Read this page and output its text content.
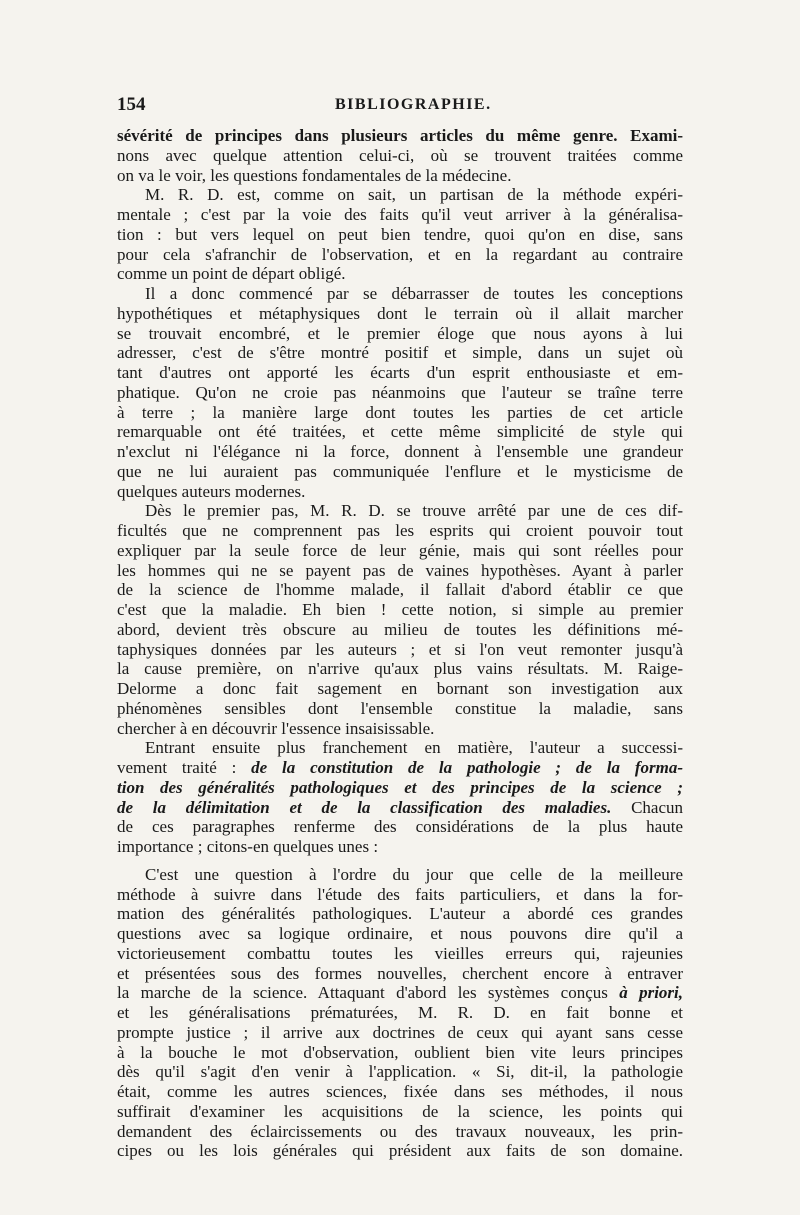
154	BIBLIOGRAPHIE.
sévérité de principes dans plusieurs articles du même genre. Exami-
nons avec quelque attention celui-ci, où se trouvent traitées comme
on va le voir, les questions fondamentales de la médecine.
M. R. D. est, comme on sait, un partisan de la méthode expéri-
mentale ; c'est par la voie des faits qu'il veut arriver à la généralisa-
tion : but vers lequel on peut bien tendre, quoi qu'on en dise, sans
pour cela s'afranchir de l'observation, et en la regardant au contraire
comme un point de départ obligé.
Il a donc commencé par se débarrasser de toutes les conceptions
hypothétiques et métaphysiques dont le terrain où il allait marcher
se trouvait encombré, et le premier éloge que nous ayons à lui
adresser, c'est de s'être montré positif et simple, dans un sujet où
tant d'autres ont apporté les écarts d'un esprit enthousiaste et em-
phatique. Qu'on ne croie pas néanmoins que l'auteur se traîne terre
à terre ; la manière large dont toutes les parties de cet article
remarquable ont été traitées, et cette même simplicité de style qui
n'exclut ni l'élégance ni la force, donnent à l'ensemble une grandeur
que ne lui auraient pas communiquée l'enflure et le mysticisme de
quelques auteurs modernes.
Dès le premier pas, M. R. D. se trouve arrêté par une de ces dif-
ficultés que ne comprennent pas les esprits qui croient pouvoir tout
expliquer par la seule force de leur génie, mais qui sont réelles pour
les hommes qui ne se payent pas de vaines hypothèses. Ayant à parler
de la science de l'homme malade, il fallait d'abord établir ce que
c'est que la maladie. Eh bien ! cette notion, si simple au premier
abord, devient très obscure au milieu de toutes les définitions mé-
taphysiques données par les auteurs ; et si l'on veut remonter jusqu'à
la cause première, on n'arrive qu'aux plus vains résultats. M. Raige-
Delorme a donc fait sagement en bornant son investigation aux
phénomènes sensibles dont l'ensemble constitue la maladie, sans
chercher à en découvrir l'essence insaisissable.
Entrant ensuite plus franchement en matière, l'auteur a successi-
vement traité : de la constitution de la pathologie ; de la forma-
tion des généralités pathologiques et des principes de la science ;
de la délimitation et de la classification des maladies. Chacun
de ces paragraphes renferme des considérations de la plus haute
importance ; citons-en quelques unes :
C'est une question à l'ordre du jour que celle de la meilleure
méthode à suivre dans l'étude des faits particuliers, et dans la for-
mation des généralités pathologiques. L'auteur a abordé ces grandes
questions avec sa logique ordinaire, et nous pouvons dire qu'il a
victorieusement combattu toutes les vieilles erreurs qui, rajeunies
et présentées sous des formes nouvelles, cherchent encore à entraver
la marche de la science. Attaquant d'abord les systèmes conçus à priori,
et les généralisations prématurées, M. R. D. en fait bonne et
prompte justice ; il arrive aux doctrines de ceux qui ayant sans cesse
à la bouche le mot d'observation, oublient bien vite leurs principes
dès qu'il s'agit d'en venir à l'application. « Si, dit-il, la pathologie
était, comme les autres sciences, fixée dans ses méthodes, il nous
suffirait d'examiner les acquisitions de la science, les points qui
demandent des éclaircissements ou des travaux nouveaux, les prin-
cipes ou les lois générales qui président aux faits de son domaine.
